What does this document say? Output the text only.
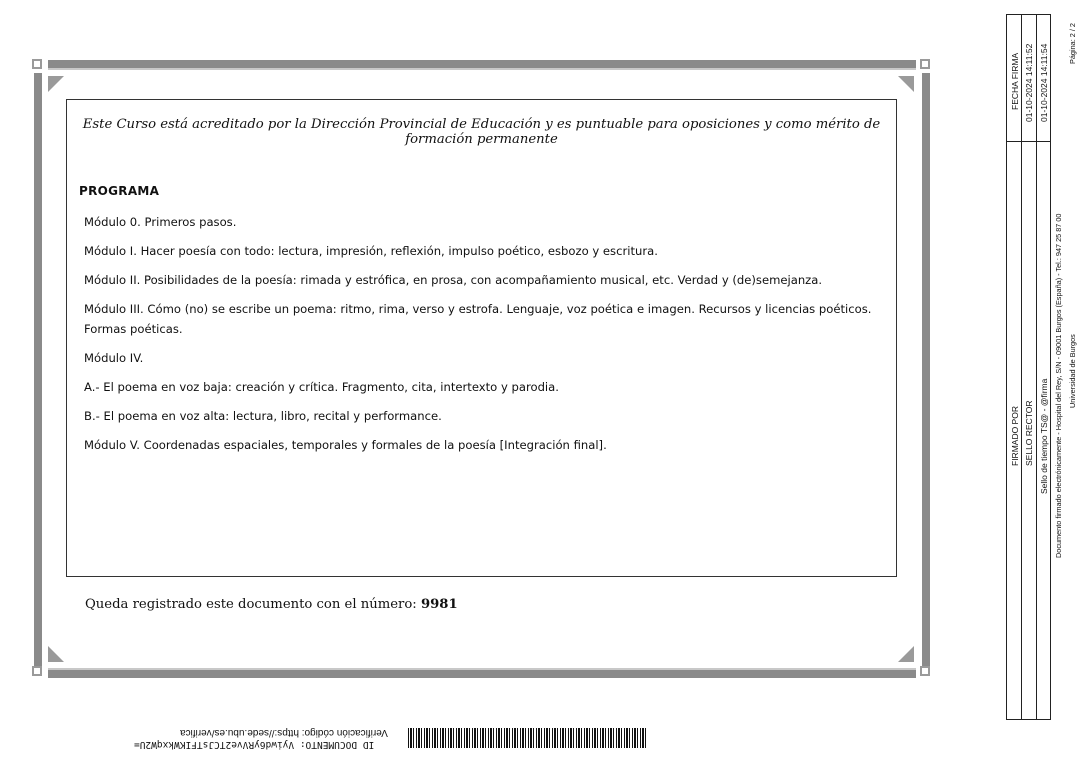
Este Curso está acreditado por la Dirección Provincial de Educación y es puntuable para oposiciones y como mérito de formación permanente
PROGRAMA

Módulo 0. Primeros pasos.

Módulo I. Hacer poesía con todo: lectura, impresión, reflexión, impulso poético, esbozo y escritura.

Módulo II. Posibilidades de la poesía: rimada y estrófica, en prosa, con acompañamiento musical, etc. Verdad y (de)semejanza.

Módulo III. Cómo (no) se escribe un poema: ritmo, rima, verso y estrofa. Lenguaje, voz poética e imagen. Recursos y licencias poéticos. Formas poéticas.

Módulo IV.

A.- El poema en voz baja: creación y crítica. Fragmento, cita, intertexto y parodia.

B.- El poema en voz alta: lectura, libro, recital y performance.

Módulo V. Coordenadas espaciales, temporales y formales de la poesía [Integración final].

Queda registrado este documento con el número: 9981
FECHA FIRMA 01-10-2024 14:11:52 01-10-2024 14:11:54
FIRMADO POR SELLO RECTOR Sello de tiempo TS@ - @firma Documento firmado electrónicamente - Hospital del Rey, S/N - 09001 Burgos (España) - Tel.: 947 25 87 00 Universidad de Burgos
Página: 2 / 2
Verificación código: https://sede.ubu.es/verifica
ID DOCUMENTO: Vyiwd6yRVve2TCJsTFIKWkxqW2U=
